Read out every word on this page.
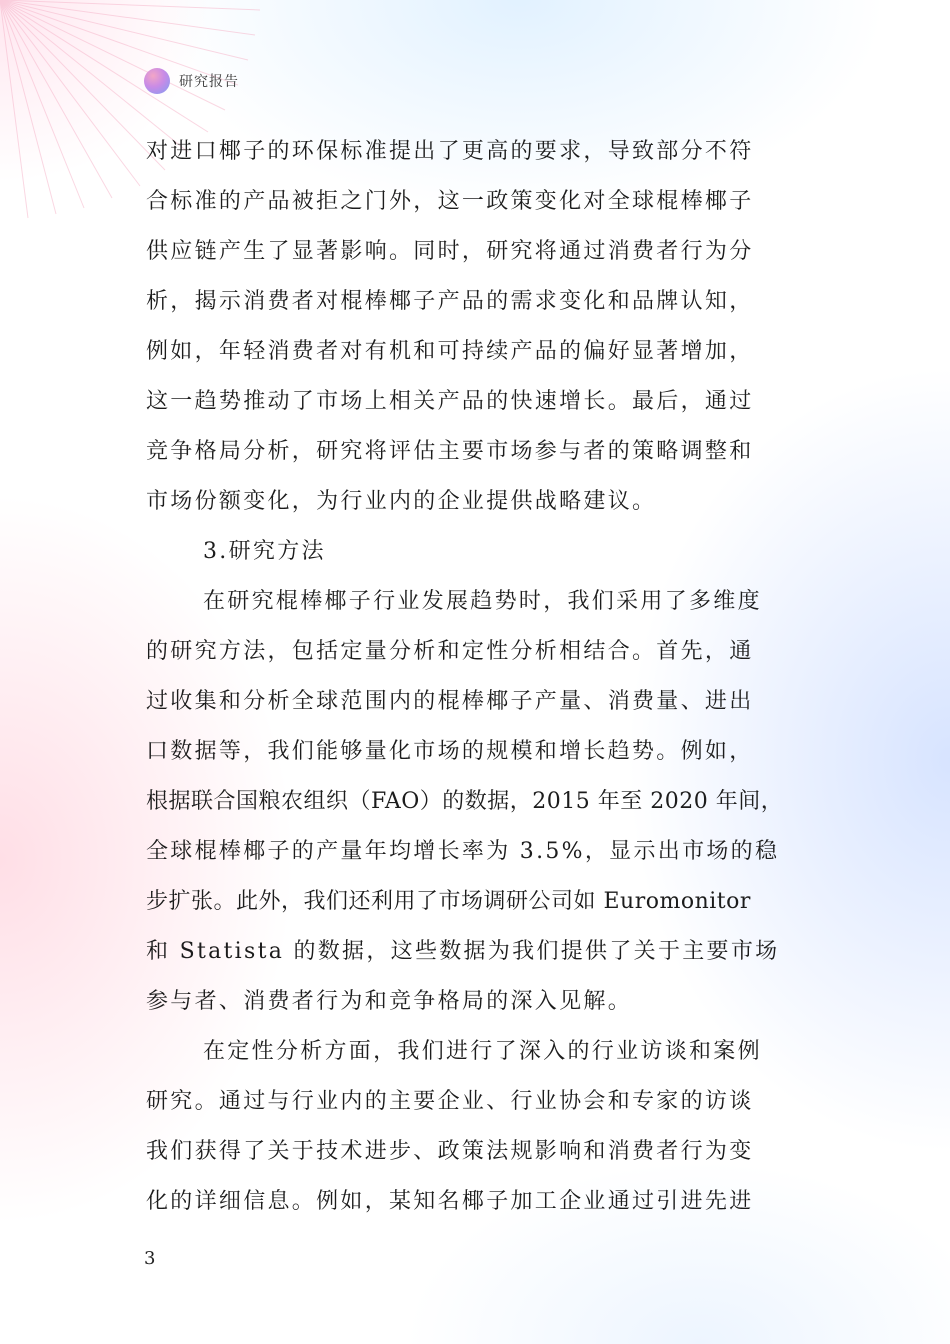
研究报告
对进口椰子的环保标准提出了更高的要求，导致部分不符
合标准的产品被拒之门外，这一政策变化对全球棍棒椰子
供应链产生了显著影响。同时，研究将通过消费者行为分
析，揭示消费者对棍棒椰子产品的需求变化和品牌认知，
例如，年轻消费者对有机和可持续产品的偏好显著增加，
这一趋势推动了市场上相关产品的快速增长。最后，通过
竞争格局分析，研究将评估主要市场参与者的策略调整和
市场份额变化，为行业内的企业提供战略建议。
3.研究方法
在研究棍棒椰子行业发展趋势时，我们采用了多维度
的研究方法，包括定量分析和定性分析相结合。首先，通
过收集和分析全球范围内的棍棒椰子产量、消费量、进出
口数据等，我们能够量化市场的规模和增长趋势。例如，
根据联合国粮农组织（FAO）的数据，2015 年至 2020 年间，
全球棍棒椰子的产量年均增长率为 3.5%，显示出市场的稳
步扩张。此外，我们还利用了市场调研公司如 Euromonitor
和 Statista 的数据，这些数据为我们提供了关于主要市场
参与者、消费者行为和竞争格局的深入见解。
在定性分析方面，我们进行了深入的行业访谈和案例
研究。通过与行业内的主要企业、行业协会和专家的访谈
我们获得了关于技术进步、政策法规影响和消费者行为变
化的详细信息。例如，某知名椰子加工企业通过引进先进
3
